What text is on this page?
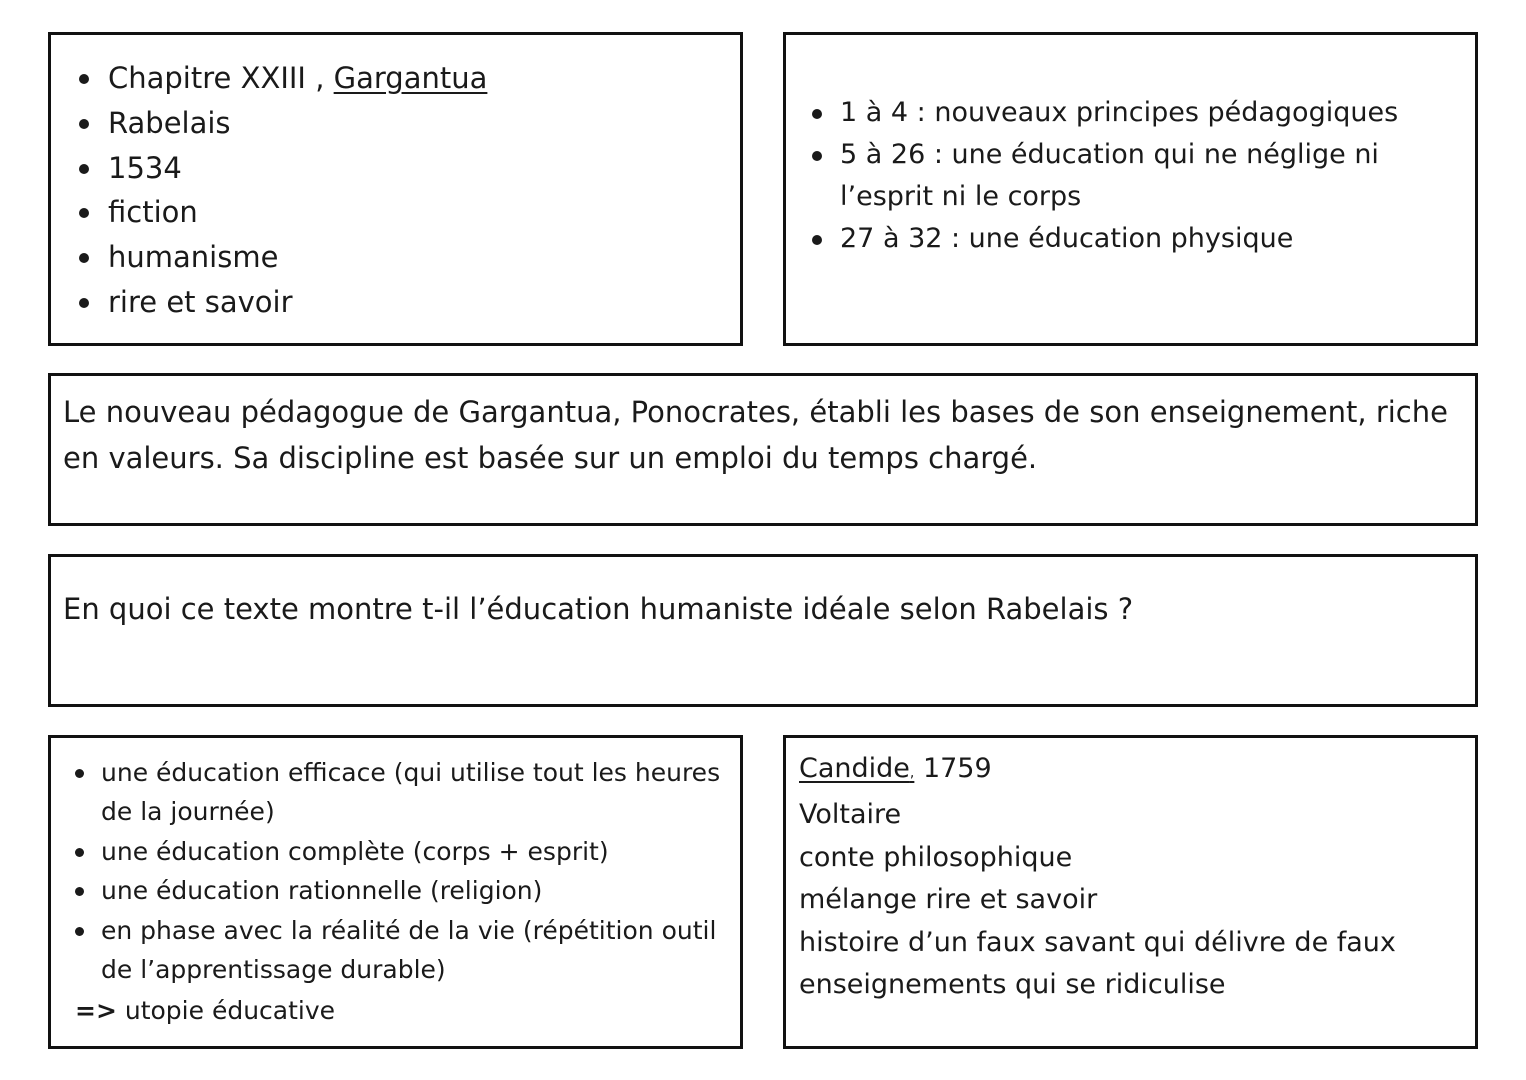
Chapitre XXIII , Gargantua
Rabelais
1534
fiction
humanisme
rire et savoir
1 à 4 : nouveaux principes pédagogiques
5 à 26 : une éducation qui ne néglige ni l’esprit ni le corps
27 à 32 : une éducation physique

Le nouveau pédagogue de Gargantua, Ponocrates, établi les bases de son enseignement, riche en valeurs. Sa discipline est basée sur un emploi du temps chargé.

En quoi ce texte montre t-il l’éducation humaniste idéale selon Rabelais ?

une éducation efficace (qui utilise tout les heures de la journée)
une éducation complète (corps + esprit)
une éducation rationnelle (religion)
en phase avec la réalité de la vie (répétition outil de l’apprentissage durable)

=> utopie éducative

Candide, 1759
Voltaire
conte philosophique
mélange rire et savoir
histoire d’un faux savant qui délivre de faux enseignements qui se ridiculise
